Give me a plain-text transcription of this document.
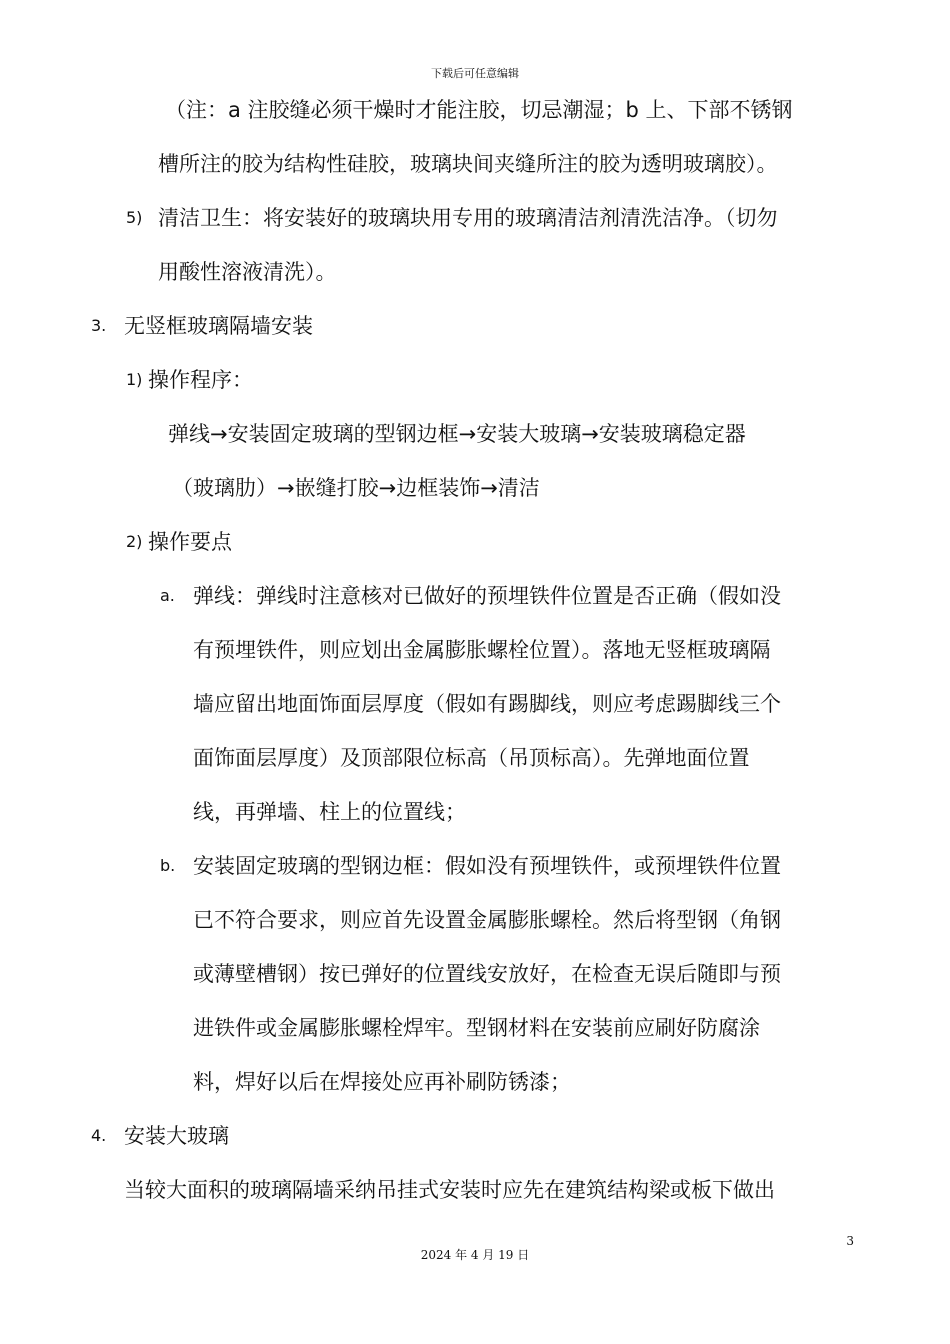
下载后可任意编辑
（注：a 注胶缝必须干燥时才能注胶，切忌潮湿；b 上、下部不锈钢
槽所注的胶为结构性硅胶，玻璃块间夹缝所注的胶为透明玻璃胶）。
5) 清洁卫生：将安装好的玻璃块用专用的玻璃清洁剂清洗洁净。（切勿
用酸性溶液清洗）。
3. 无竖框玻璃隔墙安装
1) 操作程序：
弹线→安装固定玻璃的型钢边框→安装大玻璃→安装玻璃稳定器
（玻璃肋）→嵌缝打胶→边框装饰→清洁
2) 操作要点
a. 弹线：弹线时注意核对已做好的预埋铁件位置是否正确（假如没
有预埋铁件，则应划出金属膨胀螺栓位置）。落地无竖框玻璃隔
墙应留出地面饰面层厚度（假如有踢脚线，则应考虑踢脚线三个
面饰面层厚度）及顶部限位标高（吊顶标高）。先弹地面位置
线，再弹墙、柱上的位置线；
b. 安装固定玻璃的型钢边框：假如没有预埋铁件，或预埋铁件位置
已不符合要求，则应首先设置金属膨胀螺栓。然后将型钢（角钢
或薄壁槽钢）按已弹好的位置线安放好，在检查无误后随即与预
进铁件或金属膨胀螺栓焊牢。型钢材料在安装前应刷好防腐涂
料，焊好以后在焊接处应再补刷防锈漆；
4. 安装大玻璃
当较大面积的玻璃隔墙采纳吊挂式安装时应先在建筑结构梁或板下做出
3
2024 年 4 月 19 日
